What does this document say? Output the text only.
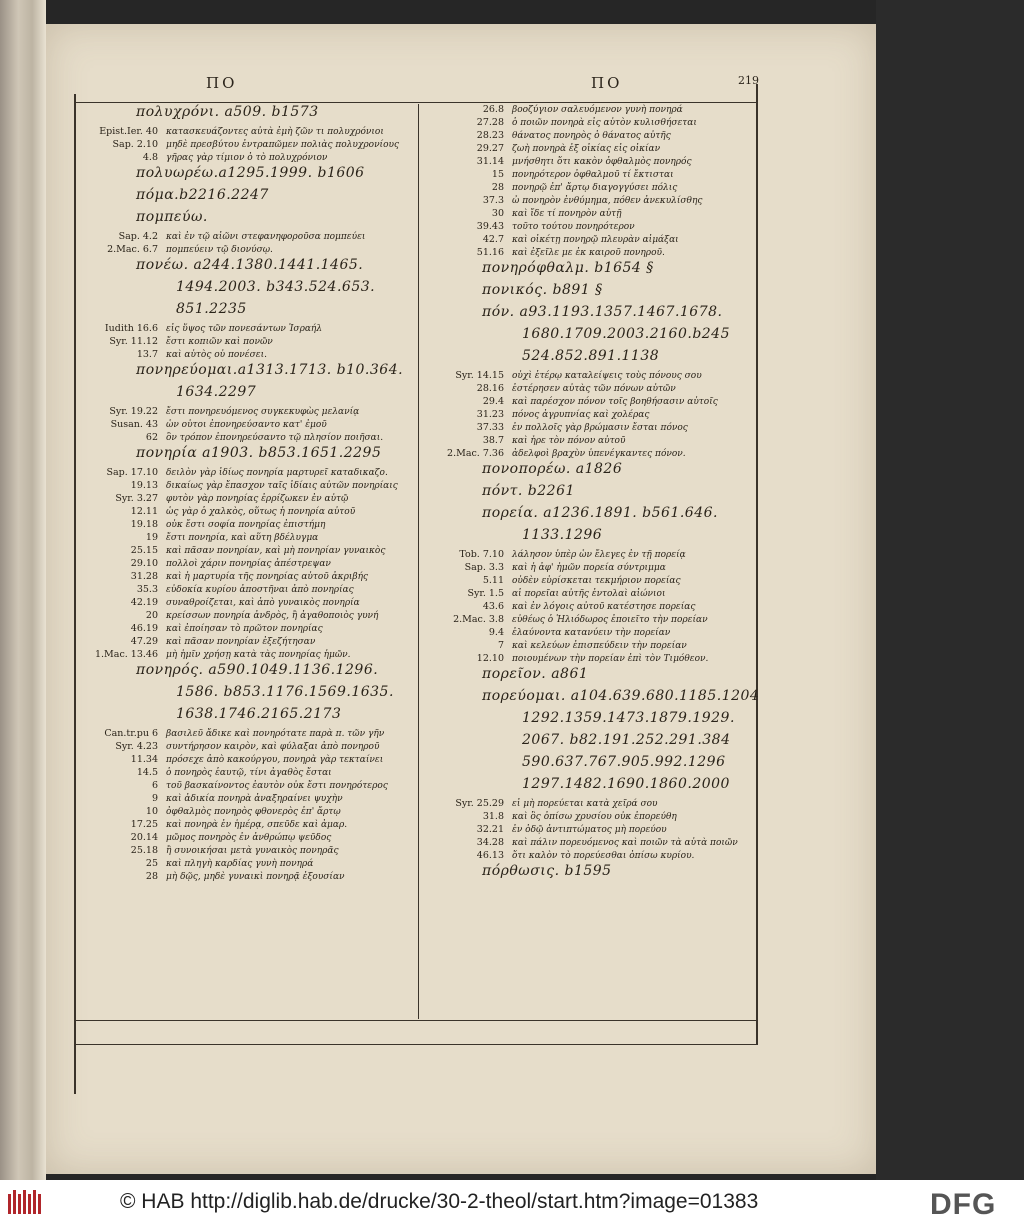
ΠΟ	ΠΟ	219
πολυχρόνι. a509. b1573
Epist.Ier. 40 κατασκευάζοντες αὐτὰ ἐμὴ ζῶν τι πολυχρόνιοι
Sap. 2.10 μηδὲ πρεσβύτου ἐντραπῶμεν πολιὰς πολυχρονίους
4.8 γῆρας γὰρ τίμιον ὁ τὸ πολυχρόνιον
πολυωρέω.a1295.1999. b1606
πόμα.b2216.2247
πομπεύω.
Sap. 4.2 καὶ ἐν τῷ αἰῶνι στεφανηφοροῦσα πομπεύει
2.Mac. 6.7 πομπεύειν τῷ διονύσῳ.
πονέω. a244.1380.1441.1465.
1494.2003. b343.524.653.
851.2235
Iudith 16.6 εἰς ὕψος τῶν πονεσάντων Ἰσραήλ
Syr. 11.12 ἔστι κοπιῶν καὶ πονῶν
13.7 καὶ αὐτὸς οὐ πονέσει.
πονηρεύομαι.a1313.1713. b10.364.
1634.2297
Syr. 19.22 ἔστι πονηρευόμενος συγκεκυφὼς μελανίᾳ
Susan. 43 ὧν οὗτοι ἐπονηρεύσαντο κατ' ἐμοῦ
62 ὃν τρόπον ἐπονηρεύσαντο τῷ πλησίον ποιῆσαι.
πονηρία a1903. b853.1651.2295
Sap. 17.10 δειλὸν γὰρ ἰδίως πονηρία μαρτυρεῖ καταδικαζο.
19.13 δικαίως γὰρ ἔπασχον ταῖς ἰδίαις αὐτῶν πονηρίαις
Syr. 3.27 φυτὸν γὰρ πονηρίας ἐρρίζωκεν ἐν αὐτῷ
12.11 ὡς γὰρ ὁ χαλκὸς, οὕτως ἡ πονηρία αὐτοῦ
19.18 οὐκ ἔστι σοφία πονηρίας ἐπιστήμη
19 ἔστι πονηρία, καὶ αὕτη βδέλυγμα
25.15 καὶ πᾶσαν πονηρίαν, καὶ μὴ πονηρίαν γυναικὸς
29.10 πολλοὶ χάριν πονηρίας ἀπέστρεψαν
31.28 καὶ ἡ μαρτυρία τῆς πονηρίας αὐτοῦ ἀκριβής
35.3 εὐδοκία κυρίου ἀποστῆναι ἀπὸ πονηρίας
42.19 συναθροίζεται, καὶ ἀπὸ γυναικὸς πονηρία
20 κρείσσων πονηρία ἀνδρὸς, ἢ ἀγαθοποιὸς γυνή
46.19 καὶ ἐποίησαν τὸ πρῶτον πονηρίας
47.29 καὶ πᾶσαν πονηρίαν ἐξεζήτησαν
1.Mac. 13.46 μὴ ἡμῖν χρήσῃ κατὰ τὰς πονηρίας ἡμῶν.
πονηρός. a590.1049.1136.1296.
1586. b853.1176.1569.1635.
1638.1746.2165.2173
Can.tr.pu 6 βασιλεῦ ἄδικε καὶ πονηρότατε παρὰ π. τῶν γῆν
Syr. 4.23 συντήρησον καιρὸν, καὶ φύλαξαι ἀπὸ πονηροῦ
11.34 πρόσεχε ἀπὸ κακούργου, πονηρὰ γὰρ τεκταίνει
14.5 ὁ πονηρὸς ἑαυτῷ, τίνι ἀγαθὸς ἔσται
6 τοῦ βασκαίνοντος ἑαυτὸν οὐκ ἔστι πονηρότερος
9 καὶ ἀδικία πονηρὰ ἀναξηραίνει ψυχὴν
10 ὀφθαλμὸς πονηρὸς φθονερὸς ἐπ' ἄρτῳ
17.25 καὶ πονηρὰ ἐν ἡμέρᾳ, σπεῦδε καὶ ἀμαρ.
20.14 μῶμος πονηρὸς ἐν ἀνθρώπῳ ψεῦδος
25.18 ἢ συνοικήσαι μετὰ γυναικὸς πονηρᾶς
25 καὶ πληγὴ καρδίας γυνὴ πονηρά
28 μὴ δῷς, μηδὲ γυναικὶ πονηρᾷ ἐξουσίαν
26.8 βοοζύγιον σαλευόμενον γυνὴ πονηρά
27.28 ὁ ποιῶν πονηρὰ εἰς αὐτὸν κυλισθήσεται
28.23 θάνατος πονηρὸς ὁ θάνατος αὐτῆς
29.27 ζωὴ πονηρὰ ἐξ οἰκίας εἰς οἰκίαν
31.14 μνήσθητι ὅτι κακὸν ὀφθαλμὸς πονηρός
15 πονηρότερον ὀφθαλμοῦ τί ἔκτισται
28 πονηρῷ ἐπ' ἄρτῳ διαγογγύσει πόλις
37.3 ὦ πονηρὸν ἐνθύμημα, πόθεν ἀνεκυλίσθης
30 καὶ ἴδε τί πονηρὸν αὐτῇ
39.43 τοῦτο τούτου πονηρότερον
42.7 καὶ οἰκέτῃ πονηρῷ πλευρὰν αἱμάξαι
51.16 καὶ ἐξεῖλε με ἐκ καιροῦ πονηροῦ.
πονηρόφθαλμ. b1654 §
πονικός. b891 §
πόν. a93.1193.1357.1467.1678.
1680.1709.2003.2160.b245
524.852.891.1138
Syr. 14.15 οὐχὶ ἑτέρῳ καταλείψεις τοὺς πόνους σου
28.16 ἐστέρησεν αὐτὰς τῶν πόνων αὐτῶν
29.4 καὶ παρέσχον πόνον τοῖς βοηθήσασιν αὐτοῖς
31.23 πόνος ἀγρυπνίας καὶ χολέρας
37.33 ἐν πολλοῖς γὰρ βρώμασιν ἔσται πόνος
38.7 καὶ ἦρε τὸν πόνον αὐτοῦ
2.Mac. 7.36 ἀδελφοὶ βραχὺν ὑπενέγκαντες πόνον.
πονοπορέω. a1826
πόντ. b2261
πορεία. a1236.1891. b561.646.
1133.1296
Tob. 7.10 λάλησον ὑπὲρ ὧν ἔλεγες ἐν τῇ πορείᾳ
Sap. 3.3 καὶ ἡ ἀφ' ἡμῶν πορεία σύντριμμα
5.11 οὐδὲν εὑρίσκεται τεκμήριον πορείας
Syr. 1.5 αἱ πορεῖαι αὐτῆς ἐντολαὶ αἰώνιοι
43.6 καὶ ἐν λόγοις αὐτοῦ κατέστησε πορείας
2.Mac. 3.8 εὐθέως ὁ Ἡλιόδωρος ἐποιεῖτο τὴν πορείαν
9.4 ἐλαύνοντα κατανύειν τὴν πορείαν
7 καὶ κελεύων ἐπισπεύδειν τὴν πορείαν
12.10 ποιουμένων τὴν πορείαν ἐπὶ τὸν Τιμόθεον.
πορεῖον. a861
πορεύομαι. a104.639.680.1185.1204
1292.1359.1473.1879.1929.
2067. b82.191.252.291.384
590.637.767.905.992.1296
1297.1482.1690.1860.2000
Syr. 25.29 εἰ μὴ πορεύεται κατὰ χεῖρά σου
31.8 καὶ ὃς ὀπίσω χρυσίου οὐκ ἐπορεύθη
32.21 ἐν ὁδῷ ἀντιπτώματος μὴ πορεύου
34.28 καὶ πάλιν πορευόμενος καὶ ποιῶν τὰ αὐτὰ ποιῶν
46.13 ὅτι καλὸν τὸ πορεύεσθαι ὀπίσω κυρίου.
πόρθωσις. b1595
© HAB http://diglib.hab.de/drucke/30-2-theol/start.htm?image=01383	DFG
